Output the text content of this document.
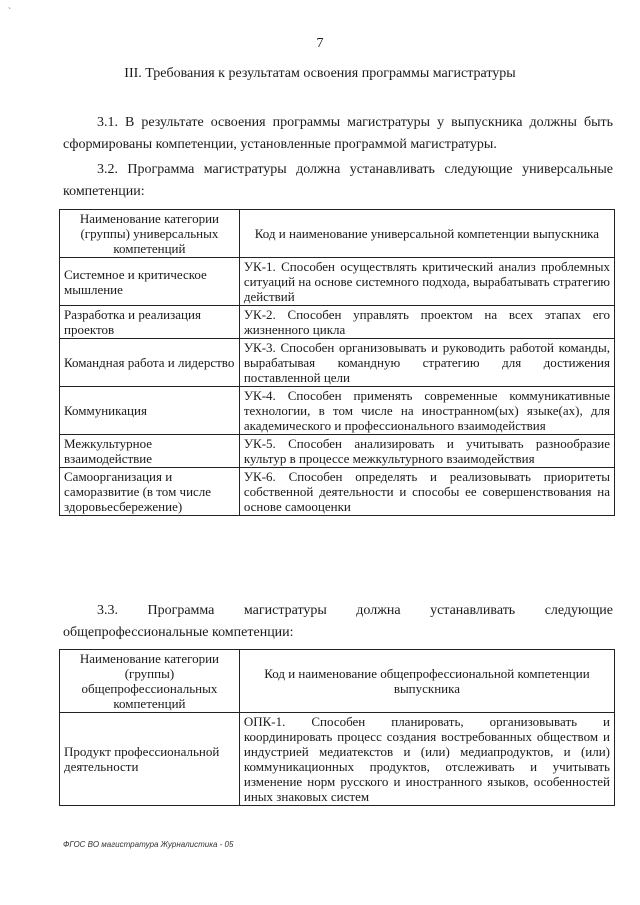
`
7
III. Требования к результатам освоения программы магистратуры
3.1. В результате освоения программы магистратуры у выпускника должны быть сформированы компетенции, установленные программой магистратуры.
3.2. Программа магистратуры должна устанавливать следующие универсальные компетенции:
Наименование категории (группы) универсальных компетенций	Код и наименование универсальной компетенции выпускника
Системное и критическое мышление	УК-1. Способен осуществлять критический анализ проблемных ситуаций на основе системного подхода, вырабатывать стратегию действий
Разработка и реализация проектов	УК-2. Способен управлять проектом на всех этапах его жизненного цикла
Командная работа и лидерство	УК-3. Способен организовывать и руководить работой команды, вырабатывая командную стратегию для достижения поставленной цели
Коммуникация	УК-4. Способен применять современные коммуникативные технологии, в том числе на иностранном(ых) языке(ах), для академического и профессионального взаимодействия
Межкультурное взаимодействие	УК-5. Способен анализировать и учитывать разнообразие культур в процессе межкультурного взаимодействия
Самоорганизация и саморазвитие (в том числе здоровьесбережение)	УК-6. Способен определять и реализовывать приоритеты собственной деятельности и способы ее совершенствования на основе самооценки
3.3. Программа магистратуры должна устанавливать следующие общепрофессиональные компетенции:
Наименование категории (группы) общепрофессиональных компетенций	Код и наименование общепрофессиональной компетенции выпускника
Продукт профессиональной деятельности	ОПК-1. Способен планировать, организовывать и координировать процесс создания востребованных обществом и индустрией медиатекстов и (или) медиапродуктов, и (или) коммуникационных продуктов, отслеживать и учитывать изменение норм русского и иностранного языков, особенностей иных знаковых систем
ФГОС ВО магистратура Журналистика - 05
